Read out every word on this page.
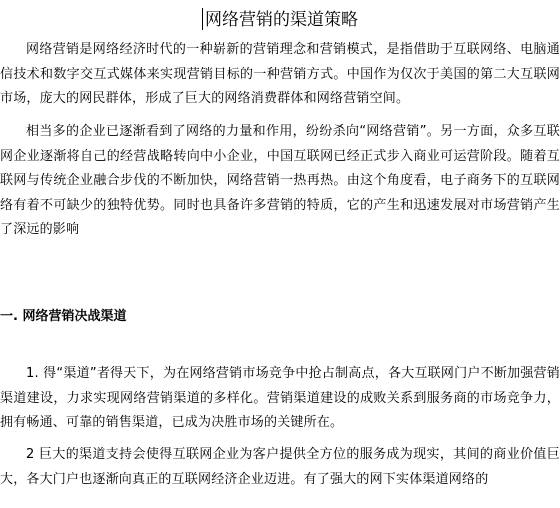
网络营销的渠道策略

网络营销是网络经济时代的一种崭新的营销理念和营销模式，是指借助于互联网络、电脑通信技术和数字交互式媒体来实现营销目标的一种营销方式。中国作为仅次于美国的第二大互联网市场，庞大的网民群体，形成了巨大的网络消费群体和网络营销空间。

相当多的企业已逐渐看到了网络的力量和作用，纷纷杀向“网络营销”。另一方面，众多互联网企业逐渐将自己的经营战略转向中小企业，中国互联网已经正式步入商业可运营阶段。随着互联网与传统企业融合步伐的不断加快，网络营销一热再热。由这个角度看，电子商务下的互联网络有着不可缺少的独特优势。同时也具备许多营销的特质，它的产生和迅速发展对市场营销产生了深远的影响

一. 网络营销决战渠道

1. 得“渠道”者得天下，为在网络营销市场竞争中抢占制高点，各大互联网门户不断加强营销渠道建设，力求实现网络营销渠道的多样化。营销渠道建设的成败关系到服务商的市场竞争力，拥有畅通、可靠的销售渠道，已成为决胜市场的关键所在。

2 巨大的渠道支持会使得互联网企业为客户提供全方位的服务成为现实，其间的商业价值巨大，各大门户也逐渐向真正的互联网经济企业迈进。有了强大的网下实体渠道网络的
